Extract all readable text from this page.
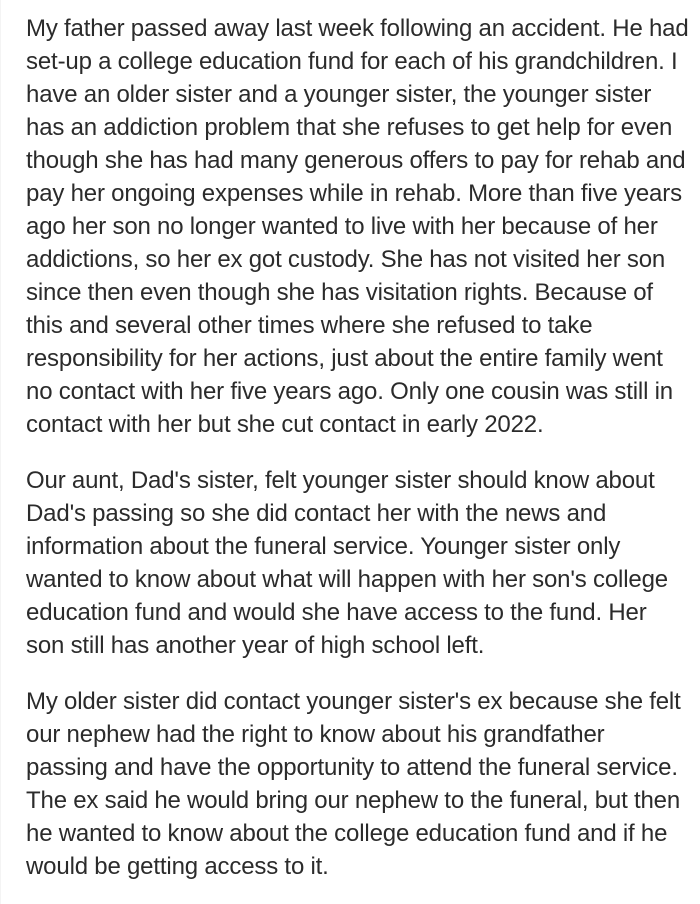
My father passed away last week following an accident. He had set-up a college education fund for each of his grandchildren. I have an older sister and a younger sister, the younger sister has an addiction problem that she refuses to get help for even though she has had many generous offers to pay for rehab and pay her ongoing expenses while in rehab. More than five years ago her son no longer wanted to live with her because of her addictions, so her ex got custody. She has not visited her son since then even though she has visitation rights. Because of this and several other times where she refused to take responsibility for her actions, just about the entire family went no contact with her five years ago. Only one cousin was still in contact with her but she cut contact in early 2022.

Our aunt, Dad's sister, felt younger sister should know about Dad's passing so she did contact her with the news and information about the funeral service. Younger sister only wanted to know about what will happen with her son's college education fund and would she have access to the fund. Her son still has another year of high school left.

My older sister did contact younger sister's ex because she felt our nephew had the right to know about his grandfather passing and have the opportunity to attend the funeral service. The ex said he would bring our nephew to the funeral, but then he wanted to know about the college education fund and if he would be getting access to it.
